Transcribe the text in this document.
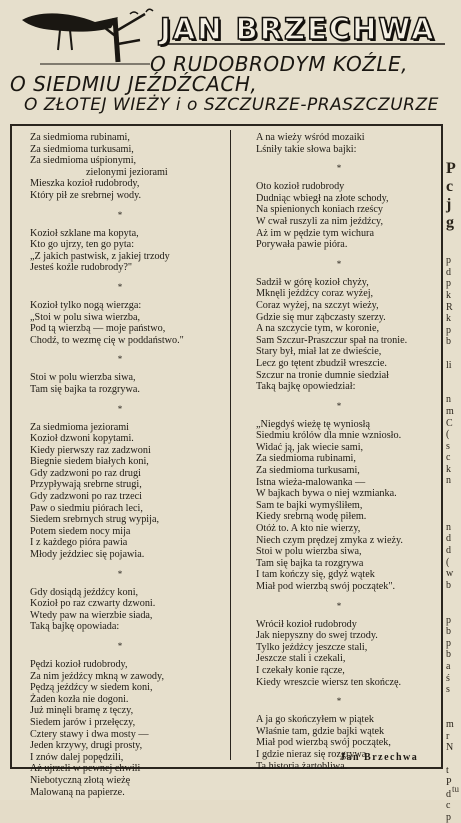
JAN BRZECHWA
O RUDOBRODYM KOŹLE,
O SIEDMIU JEŹDŹCACH,
O ZŁOTEJ WIEŻY i o SZCZURZE-PRASZCZURZE
Za siedmioma rubinami,
Za siedmioma turkusami,
Za siedmioma uśpionymi,
zielonymi jeziorami
Mieszka kozioł rudobrody,
Który pił ze srebrnej wody.
*
Kozioł szklane ma kopyta,
Kto go ujrzy, ten go pyta:
„Z jakich pastwisk, z jakiej trzody
Jesteś koźle rudobrody?"
*
Kozioł tylko nogą wierzga:
„Stoi w polu siwa wierzba,
Pod tą wierzbą — moje państwo,
Chodź, to wezmę cię w poddaństwo."
*
Stoi w polu wierzba siwa,
Tam się bajka ta rozgrywa.
*
Za siedmioma jeziorami
Kozioł dzwoni kopytami.
Kiedy pierwszy raz zadzwoni
Biegnie siedem białych koni,
Gdy zadzwoni po raz drugi
Przypływają srebrne strugi,
Gdy zadzwoni po raz trzeci
Paw o siedmiu piórach leci,
Siedem srebrnych strug wypija,
Potem siedem nocy mija
I z każdego pióra pawia
Młody jeździec się pojawia.
*
Gdy dosiądą jeźdźcy koni,
Kozioł po raz czwarty dzwoni.
Wtedy paw na wierzbie siada,
Taką bajkę opowiada:
*
Pędzi kozioł rudobrody,
Za nim jeźdźcy mkną w zawody,
Pędzą jeźdźcy w siedem koni,
Żaden kozła nie dogoni.
Już minęli bramę z tęczy,
Siedem jarów i przełęczy,
Cztery stawy i dwa mosty —
Jeden krzywy, drugi prosty,
I znów dalej popędzili,
Aż ujrzeli w pewnej chwili
Niebotyczną złotą wieżę
Malowaną na papierze.
A na wieży wśród mozaiki
Lśniły takie słowa bajki:
*
Oto kozioł rudobrody
Dudniąc wbiegł na złote schody,
Na spienionych koniach rześcy
W cwał ruszyli za nim jeźdźcy,
Aż im w pędzie tym wichura
Porywała pawie pióra.
*
Sadził w górę kozioł chyży,
Mknęli jeźdźcy coraz wyżej,
Coraz wyżej, na szczyt wieży,
Gdzie się mur ząbczasty szerzy.
A na szczycie tym, w koronie,
Sam Szczur-Praszczur spał na tronie.
Stary był, miał lat ze dwieście,
Lecz go tętent zbudził wreszcie.
Szczur na tronie dumnie siedział
Taką bajkę opowiedział:
*
„Niegdyś wieżę tę wyniosłą
Siedmiu królów dla mnie wzniosło.
Widać ją, jak wiecie sami,
Za siedmioma rubinami,
Za siedmioma turkusami,
Istna wieża-malowanka —
W bajkach bywa o niej wzmianka.
Sam te bajki wymyśliłem,
Kiedy srebrną wodę piłem.
Otóż to. A kto nie wierzy,
Niech czym prędzej zmyka z wieży.
Stoi w polu wierzba siwa,
Tam się bajka ta rozgrywa
I tam kończy się, gdyż wątek
Miał pod wierzbą swój początek".
*
Wrócił kozioł rudobrody
Jak niepyszny do swej trzody.
Tylko jeźdźcy jeszcze stali,
Jeszcze stali i czekali,
I czekały konie rącze,
Kiedy wreszcie wiersz ten skończę.
*
A ja go skończyłem w piątek
Właśnie tam, gdzie bajki wątek
Miał pod wierzbą swój początek,
I gdzie nieraz się rozgrywa
Ta historia żartobliwa.
Jan Brzechwa
P
c
j
g
p
d
p
k
R
k
p
b
li
n
m
C
(
s
c
k
n
n
d
d
(
w
b
p
b
p
b
a
ś
s
m
r
N
t
P
d
c
p
tu
